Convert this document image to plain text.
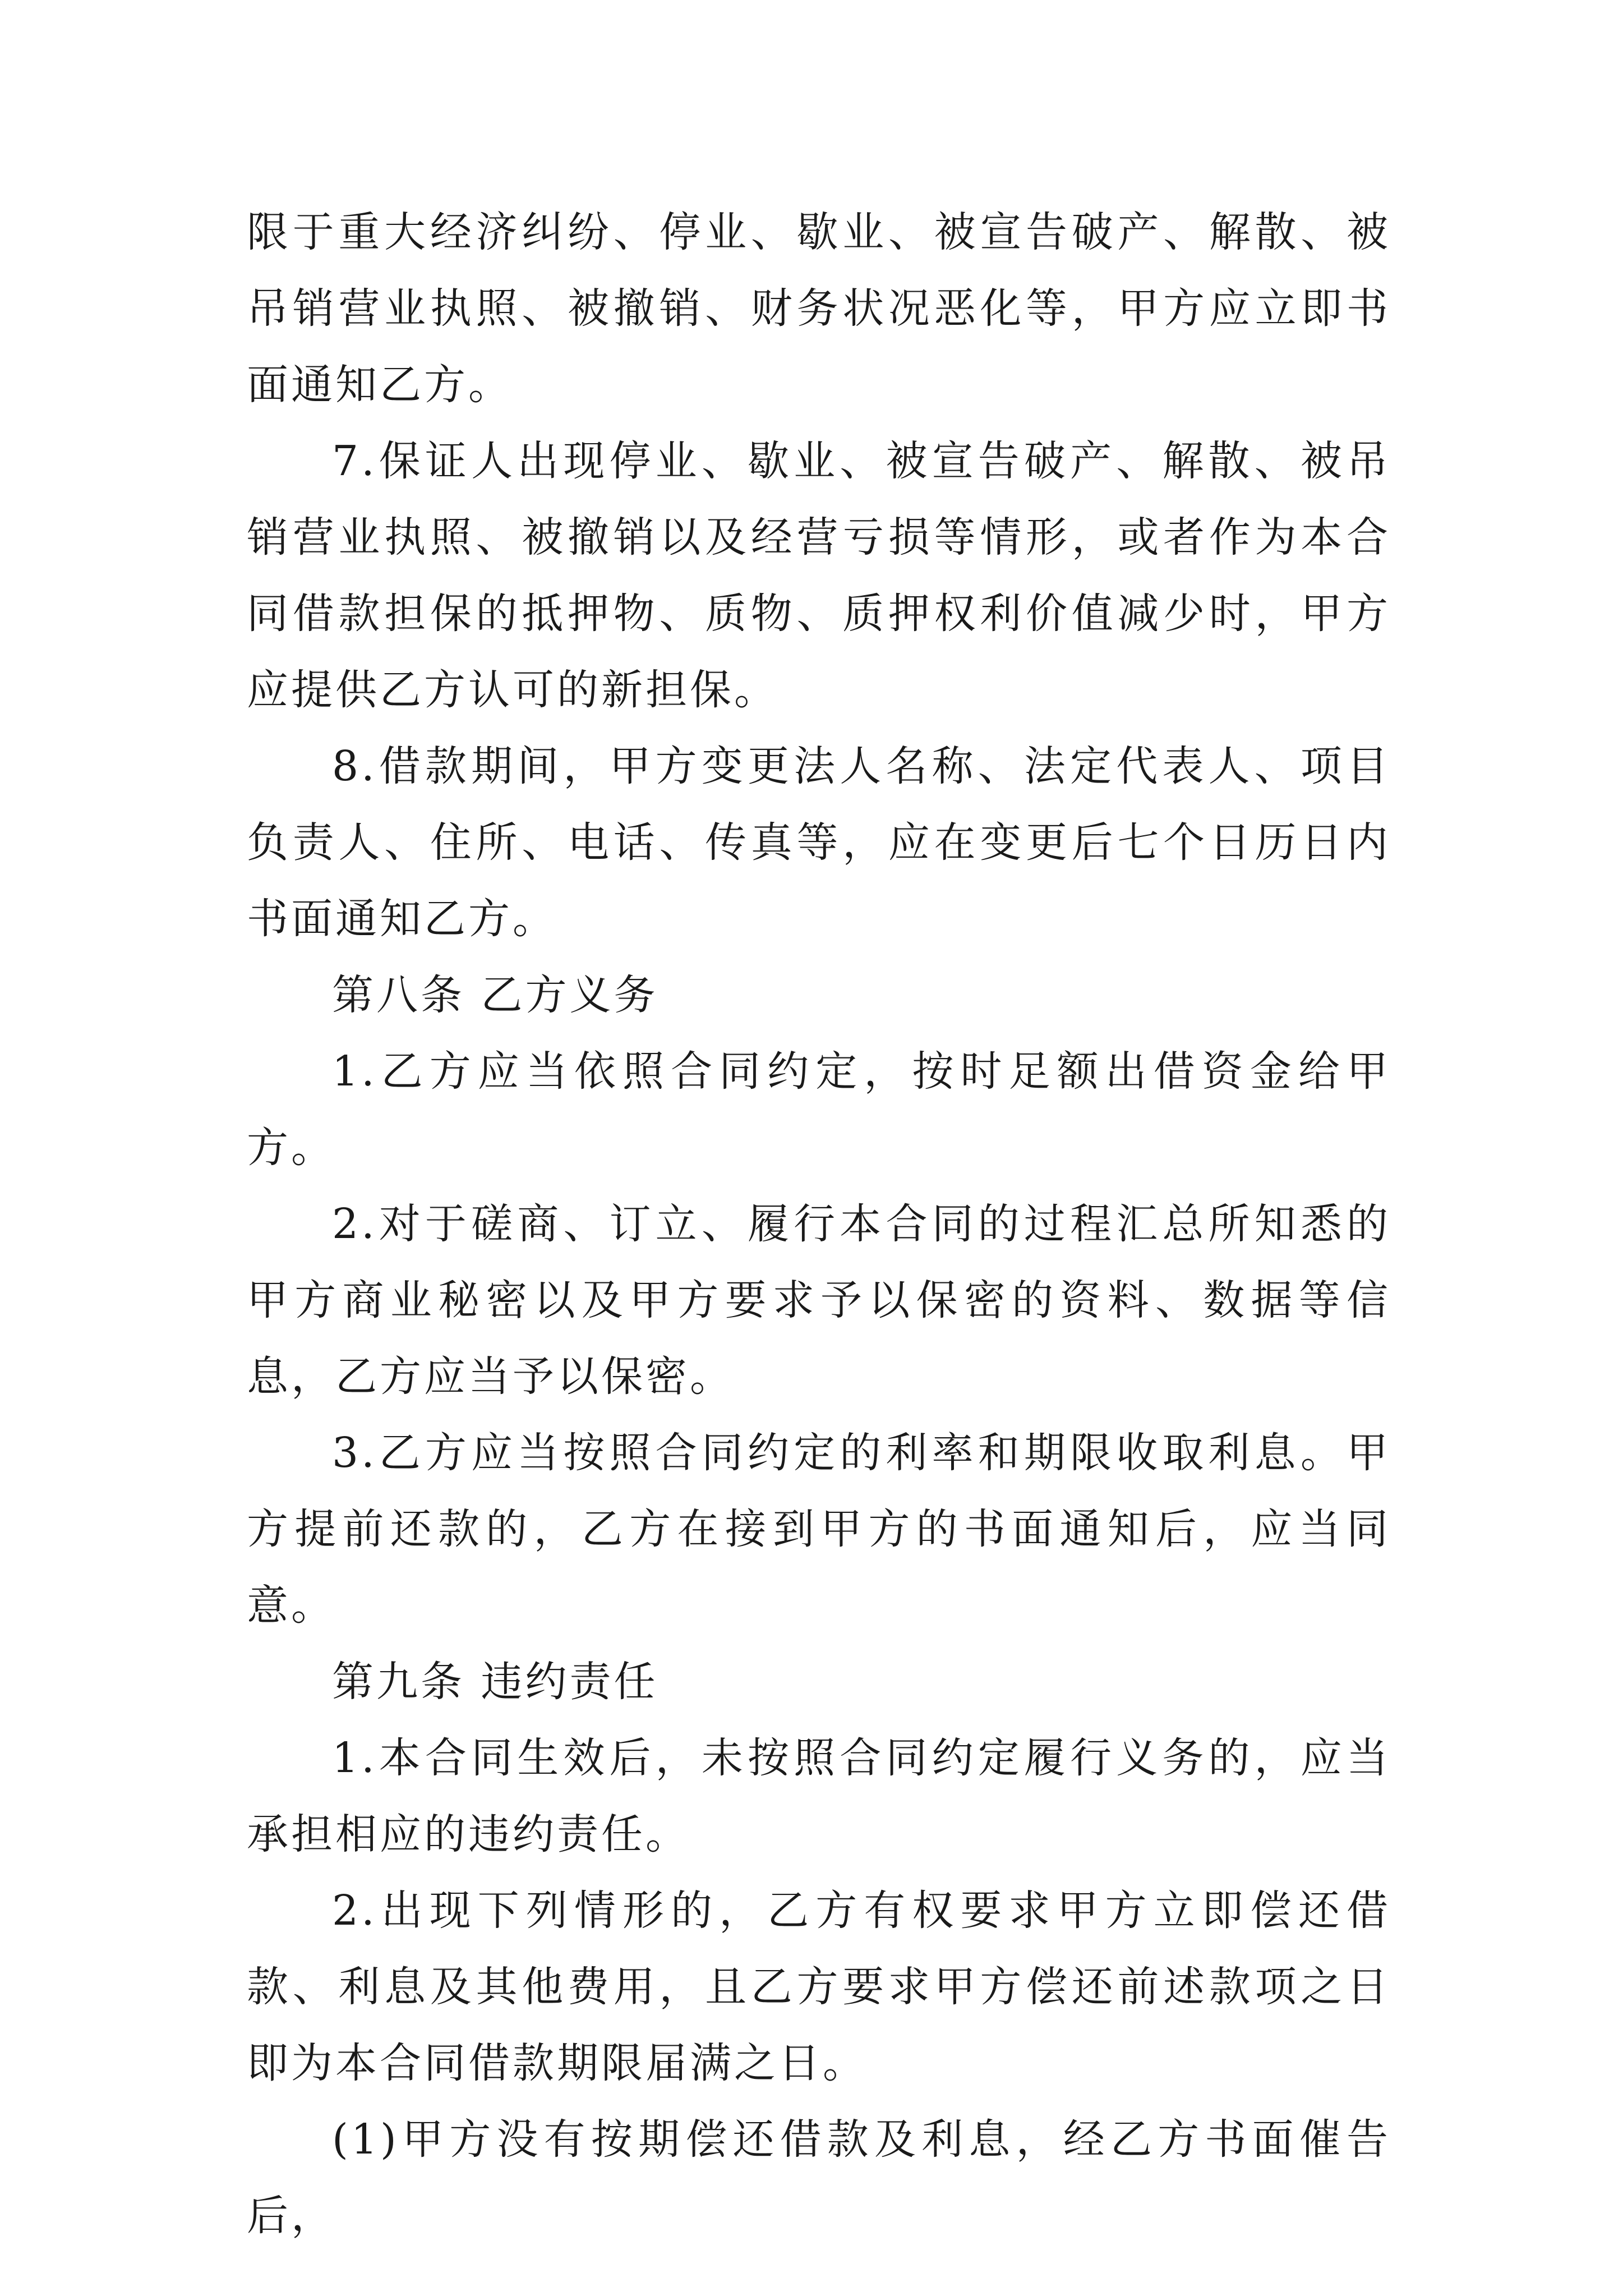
限于重大经济纠纷、停业、歇业、被宣告破产、解散、被吊销营业执照、被撤销、财务状况恶化等，甲方应立即书面通知乙方。

7.保证人出现停业、歇业、被宣告破产、解散、被吊销营业执照、被撤销以及经营亏损等情形，或者作为本合同借款担保的抵押物、质物、质押权利价值减少时，甲方应提供乙方认可的新担保。

8.借款期间，甲方变更法人名称、法定代表人、项目负责人、住所、电话、传真等，应在变更后七个日历日内书面通知乙方。

第八条 乙方义务

1.乙方应当依照合同约定，按时足额出借资金给甲方。

2.对于磋商、订立、履行本合同的过程汇总所知悉的甲方商业秘密以及甲方要求予以保密的资料、数据等信息，乙方应当予以保密。

3.乙方应当按照合同约定的利率和期限收取利息。甲方提前还款的，乙方在接到甲方的书面通知后，应当同意。

第九条 违约责任

1.本合同生效后，未按照合同约定履行义务的，应当承担相应的违约责任。

2.出现下列情形的，乙方有权要求甲方立即偿还借款、利息及其他费用，且乙方要求甲方偿还前述款项之日即为本合同借款期限届满之日。

(1)甲方没有按期偿还借款及利息，经乙方书面催告后，
